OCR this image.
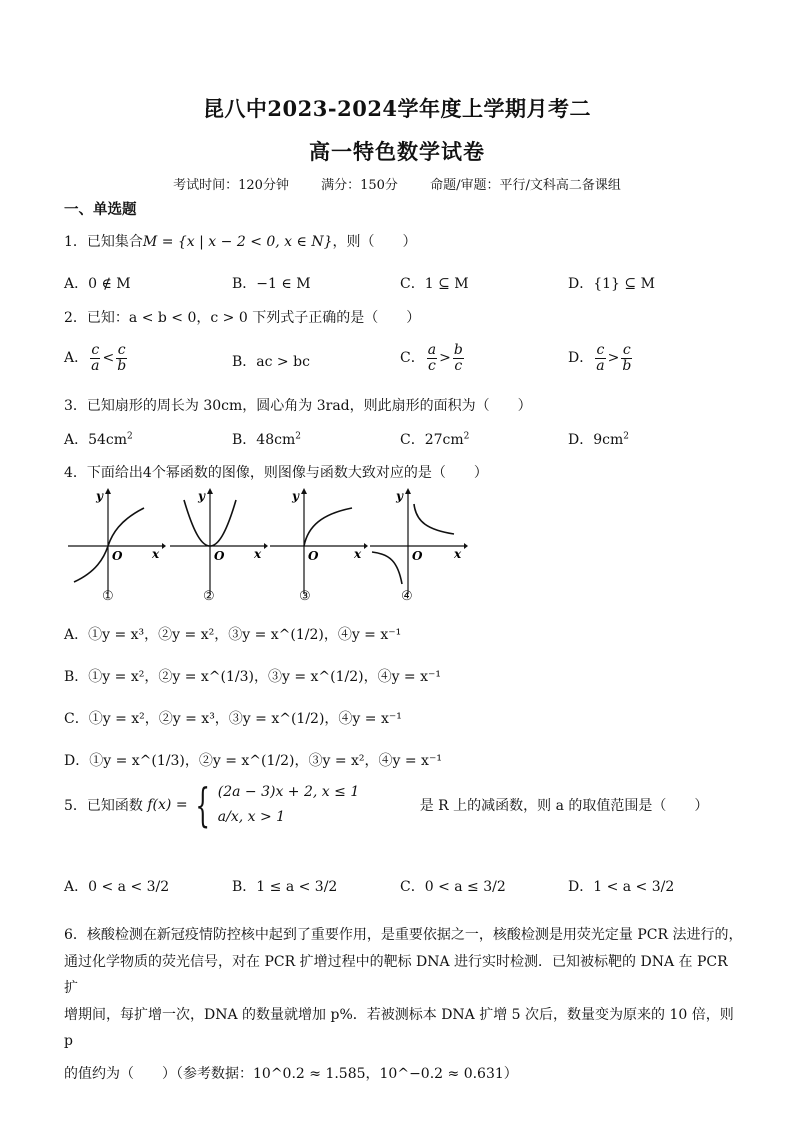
昆八中2023-2024学年度上学期月考二
高一特色数学试卷
考试时间：120分钟 满分：150分 命题/审题：平行/文科高二备课组
一、单选题
1．已知集合M = {x | x − 2 < 0, x ∈ N}，则（　　）
A．0 ∉ M	B．−1 ∈ M	C．1 ⊆ M	D．{1} ⊆ M
2．已知：a < b < 0，c > 0 下列式子正确的是（　　）
A． $\frac{c}{a} < \frac{c}{b}$	B．ac > bc	C． $\frac{a}{c} > \frac{b}{c}$	D． $\frac{c}{a} > \frac{c}{b}$
3．已知扇形的周长为 30cm，圆心角为 3rad，则此扇形的面积为（　　）
A．$54cm^2$	B．$48cm^2$	C．$27cm^2$	D．$9cm^2$
4．下面给出4个幂函数的图像，则图像与函数大致对应的是（　　）
y
O x
y
O x
y
O	x
y
O	x
①	②	③	④
A．①y = x³，②y = x²，③y = x^(1/2)，④y = x⁻¹
B．①y = x²，②y = x^(1/3)，③y = x^(1/2)，④y = x⁻¹
C．①y = x²，②y = x³，③y = x^(1/2)，④y = x⁻¹
D．①y = x^(1/3)，②y = x^(1/2)，③y = x²，④y = x⁻¹
5．已知函数 f(x) = { (2a − 3)x + 2, x ≤ 1
a/x, x > 1
是 R 上的减函数，则 a 的取值范围是（　　）
A．0 < a < 3/2	B．1 ≤ a < 3/2	C．0 < a ≤ 3/2	D．1 < a < 3/2
6．核酸检测在新冠疫情防控核中起到了重要作用，是重要依据之一，核酸检测是用荧光定量 PCR 法进行的，
通过化学物质的荧光信号，对在 PCR 扩增过程中的靶标 DNA 进行实时检测．已知被标靶的 DNA 在 PCR 扩
增期间，每扩增一次，DNA 的数量就增加 p%．若被测标本 DNA 扩增 5 次后，数量变为原来的 10 倍，则 p
的值约为（　　）（参考数据：10^0.2 ≈ 1.585，10^−0.2 ≈ 0.631）
